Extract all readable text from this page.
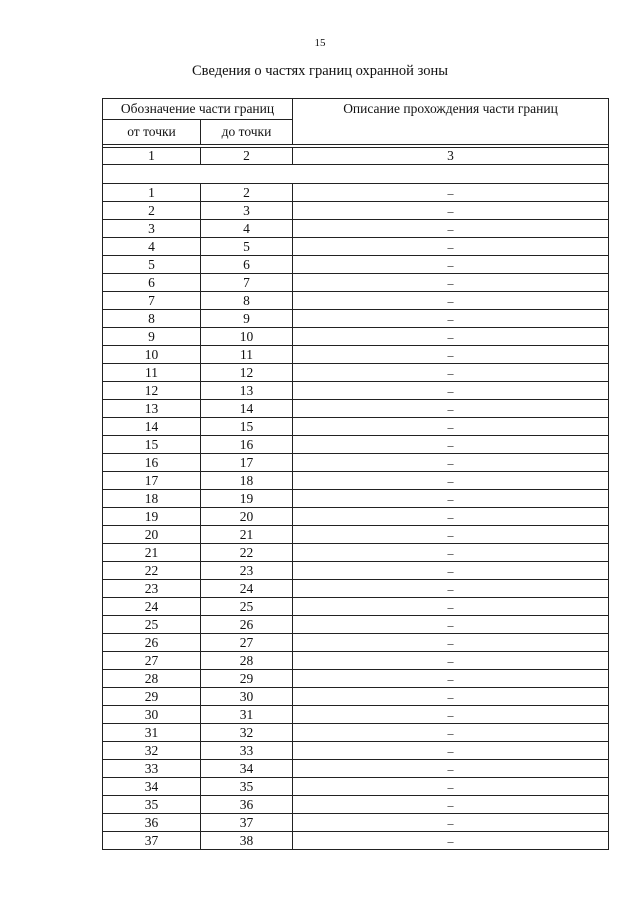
15
Сведения о частях границ охранной зоны
Обозначение части границ		Описание прохождения части границ
от точки	до точки	

1	2	3

1	2	–
2	3	–
3	4	–
4	5	–
5	6	–
6	7	–
7	8	–
8	9	–
9	10	–
10	11	–
11	12	–
12	13	–
13	14	–
14	15	–
15	16	–
16	17	–
17	18	–
18	19	–
19	20	–
20	21	–
21	22	–
22	23	–
23	24	–
24	25	–
25	26	–
26	27	–
27	28	–
28	29	–
29	30	–
30	31	–
31	32	–
32	33	–
33	34	–
34	35	–
35	36	–
36	37	–
37	38	–
